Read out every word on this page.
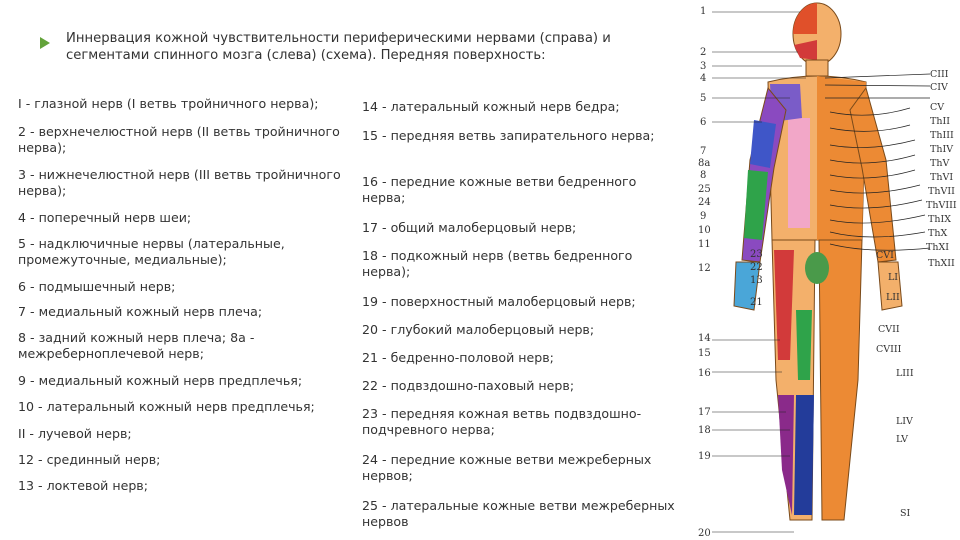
Иннервация кожной чувствительности периферическими нервами (справа) и сегментами спинного мозга (слева) (схема). Передняя поверхность:
I - глазной нерв (I ветвь тройничного нерва);
2 - верхнечелюстной нерв (II ветвь тройничного нерва);
3 - нижнечелюстной нерв (III ветвь тройничного нерва);
4 - поперечный нерв шеи;
5 - надключичные нервы (латеральные, промежуточные, медиальные);
6 - подмышечный нерв;
7 - медиальный кожный нерв плеча;
8 - задний кожный нерв плеча; 8а - межреберноплечевой нерв;
9 - медиальный кожный нерв предплечья;
10 - латеральный кожный нерв предплечья;
II - лучевой нерв;
12 - срединный нерв;
13 - локтевой нерв;
14 - латеральный кожный нерв бедра;
15 - передняя ветвь запирательного нерва;
16 - передние кожные ветви бедренного нерва;
17 - общий малоберцовый нерв;
18 - подкожный нерв (ветвь бедренного нерва);
19 - поверхностный малоберцовый нерв;
20 - глубокий малоберцовый нерв;
21 - бедренно-половой нерв;
22 - подвздошно-паховый нерв;
23 - передняя кожная ветвь подвздошно-подчревного нерва;
24 - передние кожные ветви межреберных нервов;
25 - латеральные кожные ветви межреберных нервов
1
2
3
4
5
6
7
8a
8
25
24
9
10
11
12
23
22
13
21
14
15
16
17
18
19
20
CIII
CIV
CV
ThII
ThIII
ThIV
ThV
ThVI
ThVII
ThVIII
ThIX
ThX
ThXI
ThXII
CVI
LI
LII
CVII
CVIII
LIII
LIV
LV
SI
